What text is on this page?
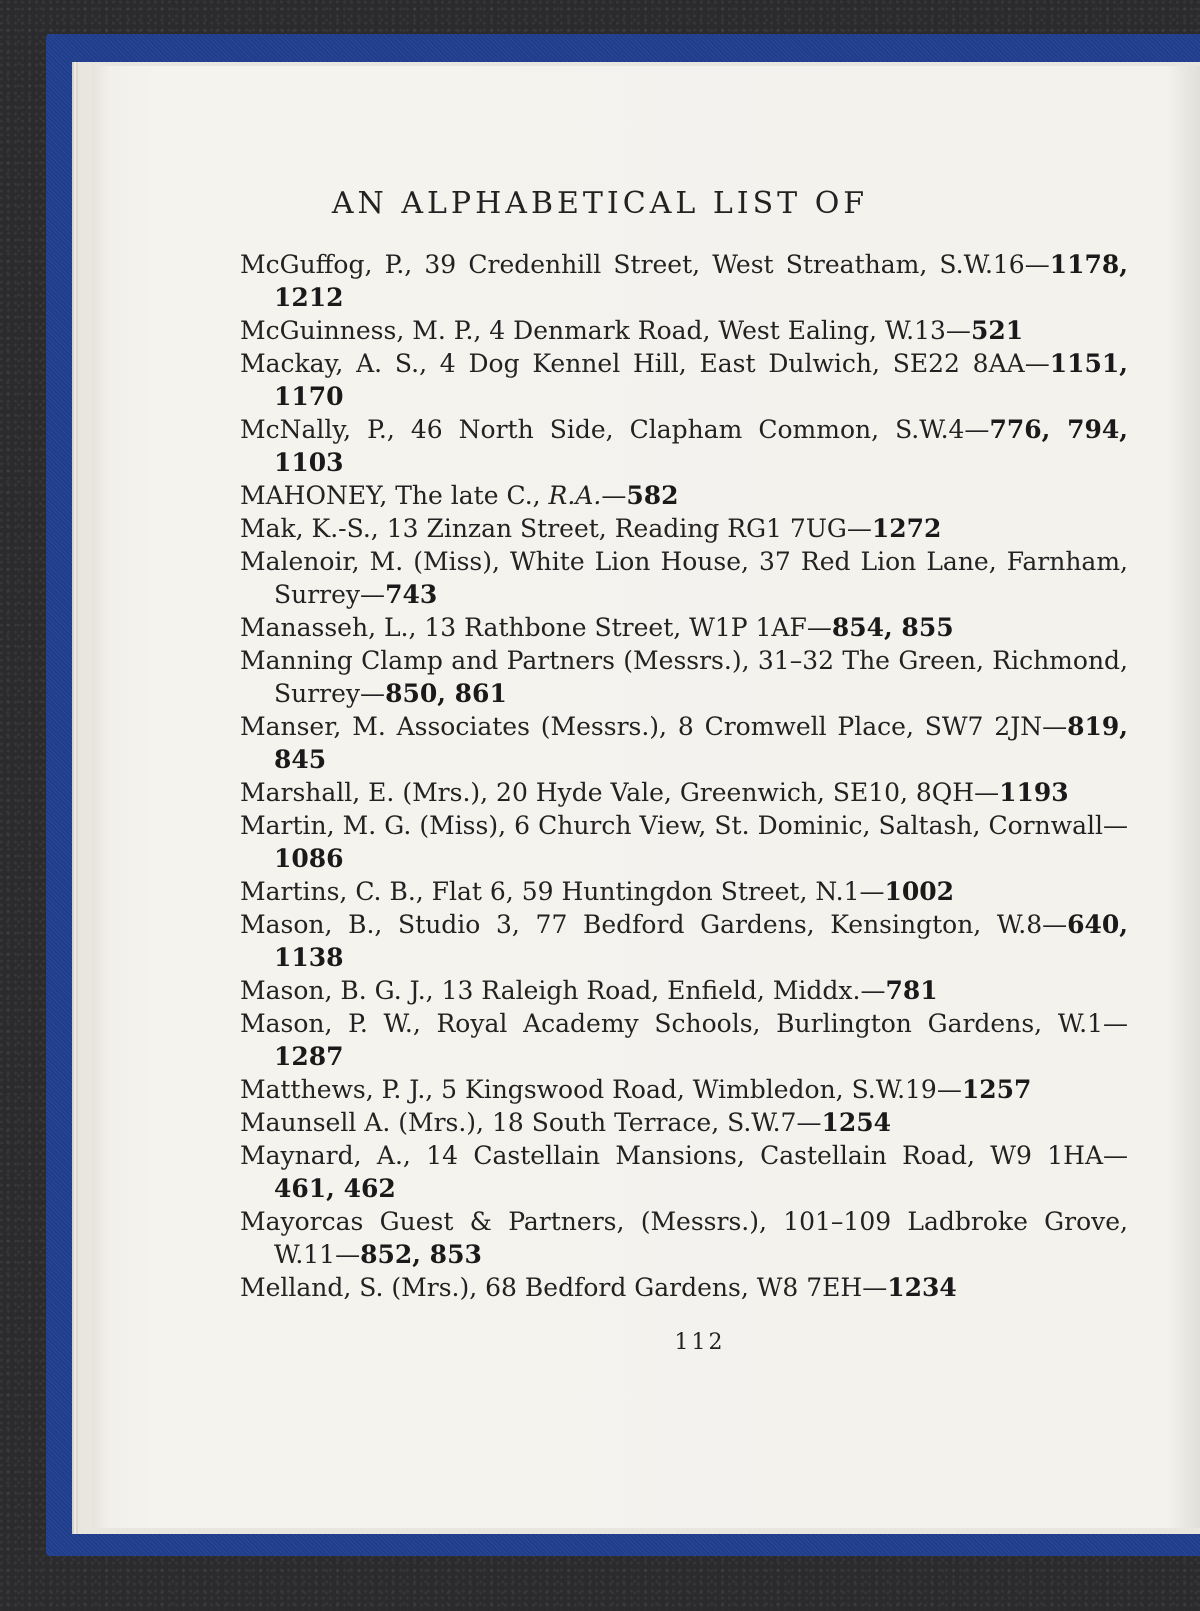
AN ALPHABETICAL LIST OF

McGuffog, P., 39 Credenhill Street, West Streatham, S.W.16—1178, 1212

McGuinness, M. P., 4 Denmark Road, West Ealing, W.13—521

Mackay, A. S., 4 Dog Kennel Hill, East Dulwich, SE22 8AA—1151, 1170

McNally, P., 46 North Side, Clapham Common, S.W.4—776, 794, 1103

MAHONEY, The late C., R.A.—582

Mak, K.-S., 13 Zinzan Street, Reading RG1 7UG—1272

Malenoir, M. (Miss), White Lion House, 37 Red Lion Lane, Farnham, Surrey—743

Manasseh, L., 13 Rathbone Street, W1P 1AF—854, 855

Manning Clamp and Partners (Messrs.), 31–32 The Green, Richmond, Surrey—850, 861

Manser, M. Associates (Messrs.), 8 Cromwell Place, SW7 2JN—819, 845

Marshall, E. (Mrs.), 20 Hyde Vale, Greenwich, SE10, 8QH—1193

Martin, M. G. (Miss), 6 Church View, St. Dominic, Saltash, Cornwall—1086

Martins, C. B., Flat 6, 59 Huntingdon Street, N.1—1002

Mason, B., Studio 3, 77 Bedford Gardens, Kensington, W.8—640, 1138

Mason, B. G. J., 13 Raleigh Road, Enfield, Middx.—781

Mason, P. W., Royal Academy Schools, Burlington Gardens, W.1—1287

Matthews, P. J., 5 Kingswood Road, Wimbledon, S.W.19—1257

Maunsell A. (Mrs.), 18 South Terrace, S.W.7—1254

Maynard, A., 14 Castellain Mansions, Castellain Road, W9 1HA—461, 462

Mayorcas Guest & Partners, (Messrs.), 101–109 Ladbroke Grove, W.11—852, 853

Melland, S. (Mrs.), 68 Bedford Gardens, W8 7EH—1234

112
